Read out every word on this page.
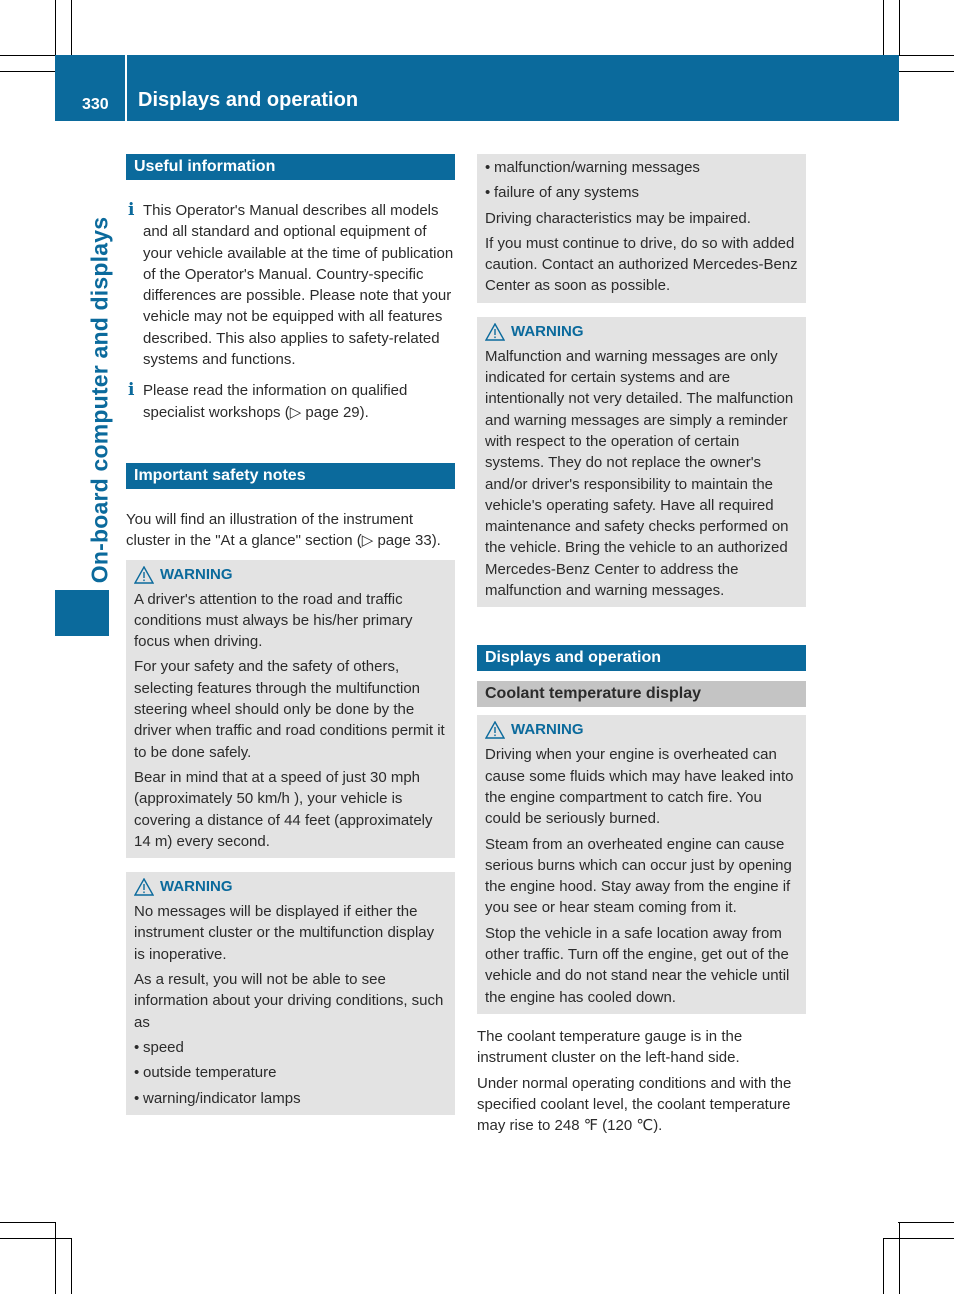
330 Displays and operation
On-board computer and displays
Useful information

i This Operator's Manual describes all models and all standard and optional equipment of your vehicle available at the time of publication of the Operator's Manual. Country-specific differences are possible. Please note that your vehicle may not be equipped with all features described. This also applies to safety-related systems and functions.

i Please read the information on qualified specialist workshops (▷ page 29).

Important safety notes

You will find an illustration of the instrument cluster in the "At a glance" section (▷ page 33).

WARNING

A driver's attention to the road and traffic conditions must always be his/her primary focus when driving.

For your safety and the safety of others, selecting features through the multifunction steering wheel should only be done by the driver when traffic and road conditions permit it to be done safely.

Bear in mind that at a speed of just 30 mph (approximately 50 km/h ), your vehicle is covering a distance of 44 feet (approximately 14 m) every second.

WARNING

No messages will be displayed if either the instrument cluster or the multifunction display is inoperative.

As a result, you will not be able to see information about your driving conditions, such as

• speed

• outside temperature

• warning/indicator lamps

• malfunction/warning messages

• failure of any systems

Driving characteristics may be impaired.

If you must continue to drive, do so with added caution. Contact an authorized Mercedes-Benz Center as soon as possible.

WARNING

Malfunction and warning messages are only indicated for certain systems and are intentionally not very detailed. The malfunction and warning messages are simply a reminder with respect to the operation of certain systems. They do not replace the owner's and/or driver's responsibility to maintain the vehicle's operating safety. Have all required maintenance and safety checks performed on the vehicle. Bring the vehicle to an authorized Mercedes-Benz Center to address the malfunction and warning messages.

Displays and operation
Coolant temperature display
WARNING

Driving when your engine is overheated can cause some fluids which may have leaked into the engine compartment to catch fire. You could be seriously burned.

Steam from an overheated engine can cause serious burns which can occur just by opening the engine hood. Stay away from the engine if you see or hear steam coming from it.

Stop the vehicle in a safe location away from other traffic. Turn off the engine, get out of the vehicle and do not stand near the vehicle until the engine has cooled down.

The coolant temperature gauge is in the instrument cluster on the left-hand side.

Under normal operating conditions and with the specified coolant level, the coolant temperature may rise to 248 ℉ (120 ℃).
